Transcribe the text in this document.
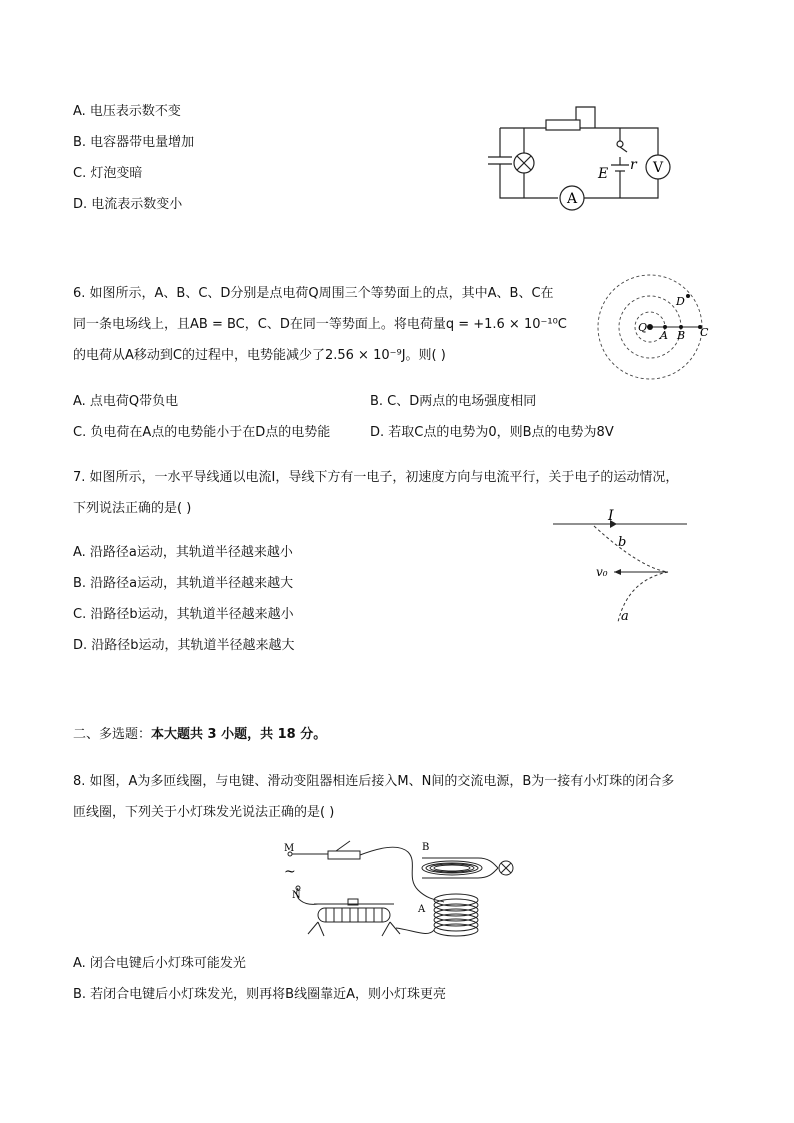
A. 电压表示数不变
B. 电容器带电量增加
C. 灯泡变暗
D. 电流表示数变小	A
V
E
r
6. 如图所示，A、B、C、D分别是点电荷Q周围三个等势面上的点，其中A、B、C在
同一条电场线上，且AB = BC，C、D在同一等势面上。将电荷量q = +1.6 × 10⁻¹⁰C
的电荷从A移动到C的过程中，电势能减少了2.56 × 10⁻⁹J。则( )
A. 点电荷Q带负电	B. C、D两点的电场强度相同
C. 负电荷在A点的电势能小于在D点的电势能	D. 若取C点的电势为0，则B点的电势为8V
Q
A B C
D
7. 如图所示，一水平导线通以电流I，导线下方有一电子，初速度方向与电流平行，关于电子的运动情况，
下列说法正确的是( )
A. 沿路径a运动，其轨道半径越来越小
B. 沿路径a运动，其轨道半径越来越大
C. 沿路径b运动，其轨道半径越来越小
D. 沿路径b运动，其轨道半径越来越大
I
b
a
v₀
二、多选题：本大题共 3 小题，共 18 分。
8. 如图，A为多匝线圈，与电键、滑动变阻器相连后接入M、N间的交流电源，B为一接有小灯珠的闭合多
匝线圈，下列关于小灯珠发光说法正确的是( )
M
~
N
B
A
A. 闭合电键后小灯珠可能发光
B. 若闭合电键后小灯珠发光，则再将B线圈靠近A，则小灯珠更亮
